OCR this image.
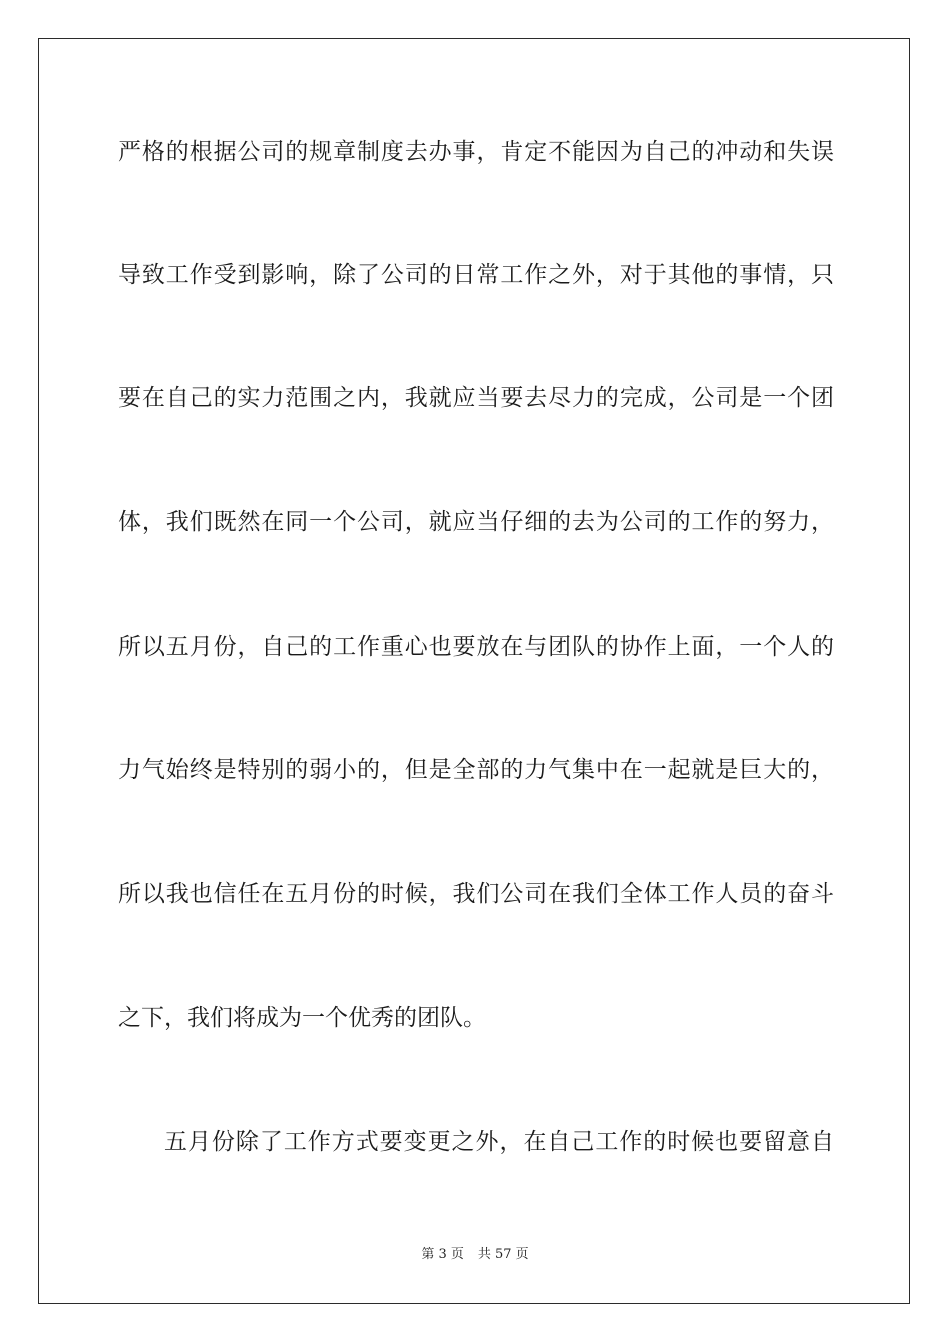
严格的根据公司的规章制度去办事，肯定不能因为自己的冲动和失误
导致工作受到影响，除了公司的日常工作之外，对于其他的事情，只
要在自己的实力范围之内，我就应当要去尽力的完成，公司是一个团
体，我们既然在同一个公司，就应当仔细的去为公司的工作的努力，
所以五月份，自己的工作重心也要放在与团队的协作上面，一个人的
力气始终是特别的弱小的，但是全部的力气集中在一起就是巨大的，
所以我也信任在五月份的时候，我们公司在我们全体工作人员的奋斗
之下，我们将成为一个优秀的团队。
五月份除了工作方式要变更之外，在自己工作的时候也要留意自
第 3 页 共 57 页
